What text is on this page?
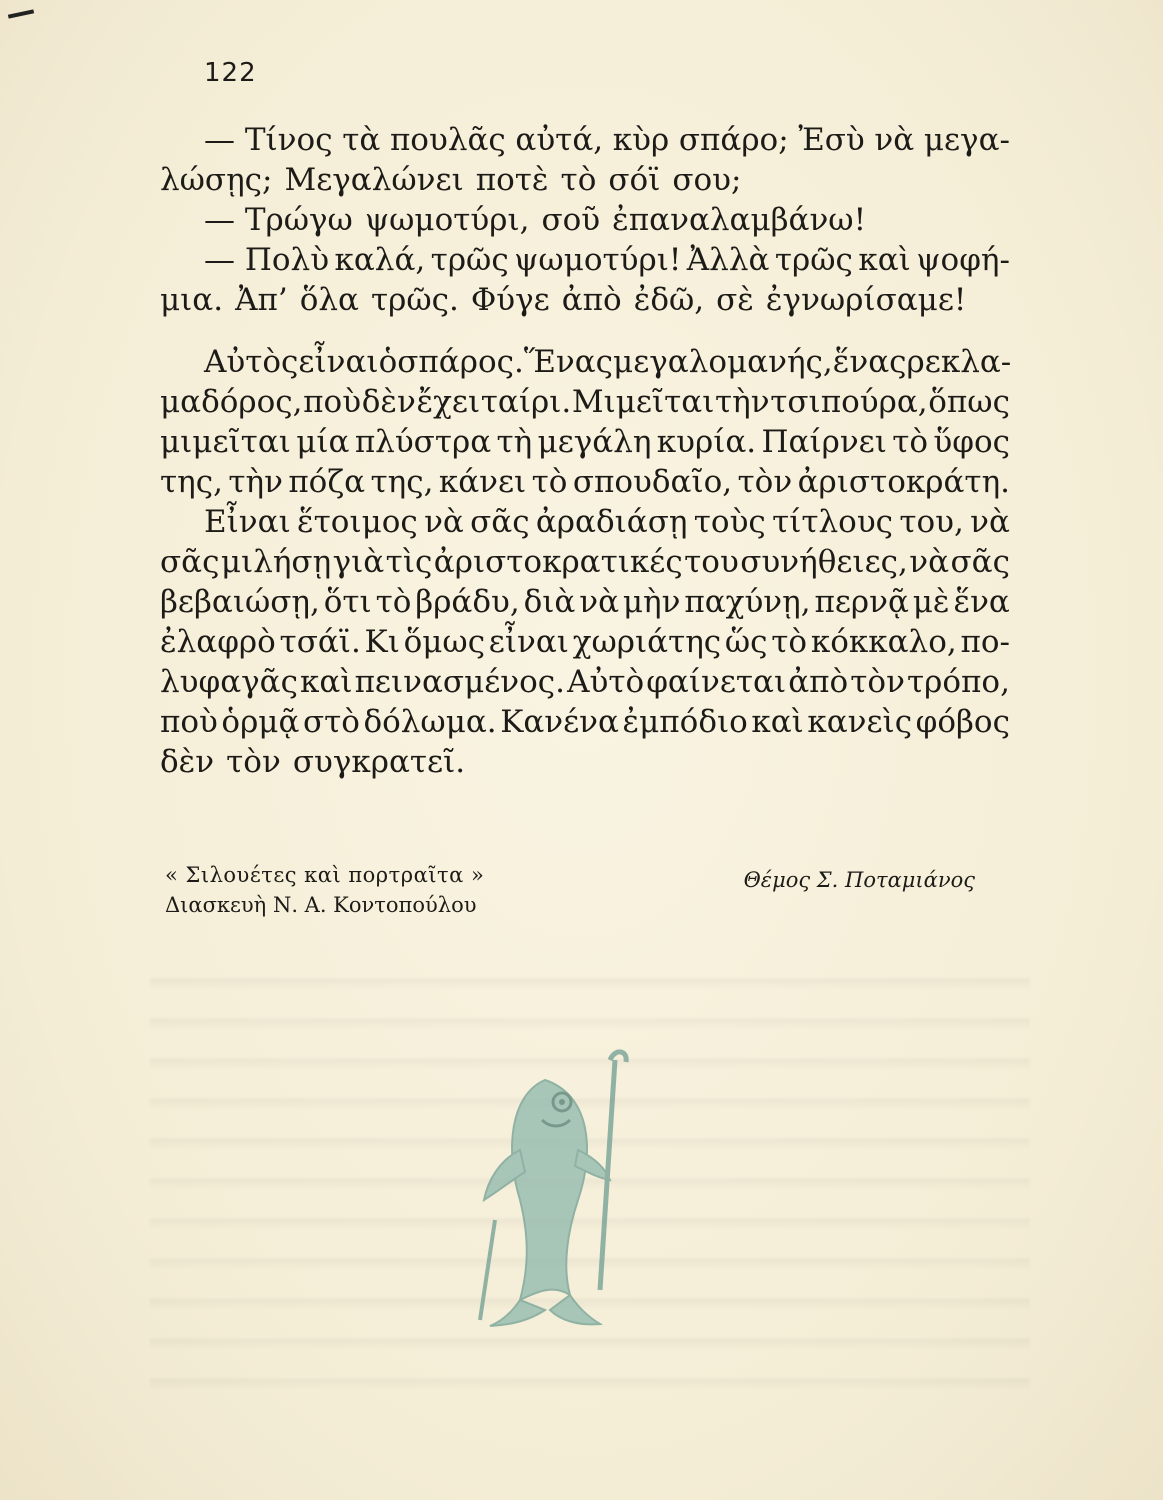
122
— Τίνος τὰ πουλᾶς αὐτά, κὺρ σπάρο; Ἐσὺ νὰ μεγα-
λώσῃς; Μεγαλώνει ποτὲ τὸ σόϊ σου;
— Τρώγω ψωμοτύρι, σοῦ ἐπαναλαμβάνω!
— Πολὺ καλά, τρῶς ψωμοτύρι! Ἀλλὰ τρῶς καὶ ψοφή-
μια. Ἀπ’ ὅλα τρῶς. Φύγε ἀπὸ ἐδῶ, σὲ ἐγνωρίσαμε!
Αὐτὸς εἶναι ὁ σπάρος. Ἕνας μεγαλομανής, ἕνας ρεκλα-
μαδόρος, ποὺ δὲν ἔχει ταίρι. Μιμεῖται τὴν τσιπούρα, ὅπως
μιμεῖται μία πλύστρα τὴ μεγάλη κυρία. Παίρνει τὸ ὕφος
της, τὴν πόζα της, κάνει τὸ σπουδαῖο, τὸν ἀριστοκράτη.
Εἶναι ἕτοιμος νὰ σᾶς ἀραδιάσῃ τοὺς τίτλους του, νὰ
σᾶς μιλήσῃ γιὰ τὶς ἀριστοκρατικές του συνήθειες, νὰ σᾶς
βεβαιώσῃ, ὅτι τὸ βράδυ, διὰ νὰ μὴν παχύνῃ, περνᾷ μὲ ἕνα
ἐλαφρὸ τσάϊ. Κι ὅμως εἶναι χωριάτης ὥς τὸ κόκκαλο, πο-
λυφαγᾶς καὶ πεινασμένος. Αὐτὸ φαίνεται ἀπὸ τὸν τρόπο,
ποὺ ὁρμᾷ στὸ δόλωμα. Κανένα ἐμπόδιο καὶ κανεὶς φόβος
δὲν τὸν συγκρατεῖ.
« Σιλουέτες καὶ πορτραῖτα »
Διασκευὴ Ν. Α. Κοντοπούλου
Θέμος Σ. Ποταμιάνος
